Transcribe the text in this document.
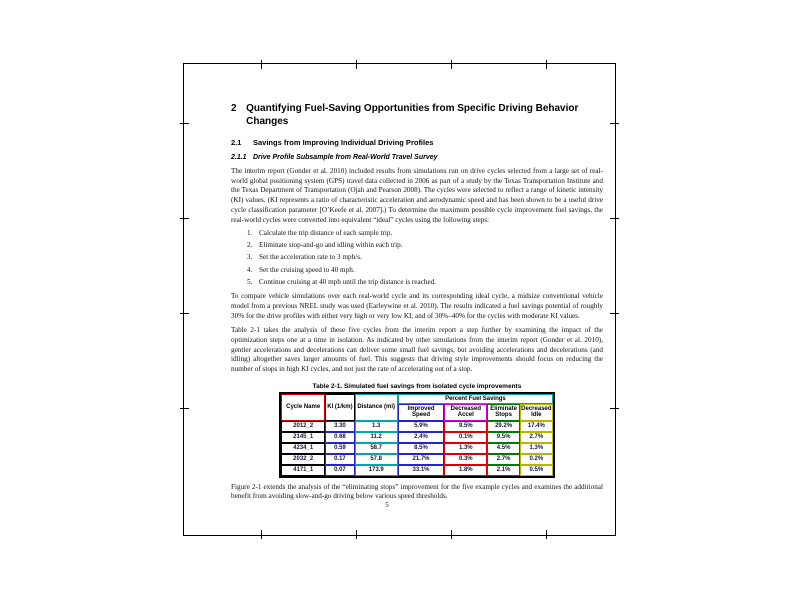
2 Quantifying Fuel-Saving Opportunities from Specific Driving Behavior Changes
2.1	Savings from Improving Individual Driving Profiles
2.1.1 Drive Profile Subsample from Real-World Travel Survey

The interim report (Gonder et al. 2010) included results from simulations run on drive cycles selected from a large set of real-world global positioning system (GPS) travel data collected in 2006 as part of a study by the Texas Transportation Institute and the Texas Department of Transportation (Ojah and Pearson 2008). The cycles were selected to reflect a range of kinetic intensity (KI) values. (KI represents a ratio of characteristic acceleration and aerodynamic speed and has been shown to be a useful drive cycle classification parameter [O’Keefe et al. 2007].) To determine the maximum possible cycle improvement fuel savings, the real-world cycles were converted into equivalent “ideal” cycles using the following steps:

1. Calculate the trip distance of each sample trip.
2. Eliminate stop-and-go and idling within each trip.
3. Set the acceleration rate to 3 mph/s.
4. Set the cruising speed to 40 mph.
5. Continue cruising at 40 mph until the trip distance is reached.

To compare vehicle simulations over each real-world cycle and its corresponding ideal cycle, a midsize conventional vehicle model from a previous NREL study was used (Earleywine et al. 2010). The results indicated a fuel savings potential of roughly 30% for the drive profiles with either very high or very low KI, and of 30%–40% for the cycles with moderate KI values.

Table 2-1 takes the analysis of these five cycles from the interim report a step further by examining the impact of the optimization steps one at a time in isolation. As indicated by other simulations from the interim report (Gonder et al. 2010), gentler accelerations and decelerations can deliver some small fuel savings, but avoiding accelerations and decelerations (and idling) altogether saves larger amounts of fuel. This suggests that driving style improvements should focus on reducing the number of stops in high KI cycles, and not just the rate of accelerating out of a stop.

Table 2-1. Simulated fuel savings from isolated cycle improvements
Cycle Name	KI (1/km)	Distance (mi)	Percent Fuel Savings			
			Improved Speed	Decreased Accel	Eliminate Stops	Decreased Idle
2012_2	3.30	1.3	5.9%	9.5%	29.2%	17.4%
2145_1	0.68	11.2	2.4%	0.1%	9.5%	2.7%
4234_1	0.59	58.7	8.5%	1.3%	4.5%	1.3%
2032_2	0.17	57.8	21.7%	0.3%	2.7%	0.2%
4171_1	0.07	173.9	33.1%	1.8%	2.1%	0.5%

Figure 2-1 extends the analysis of the “eliminating stops” improvement for the five example cycles and examines the additional benefit from avoiding slow-and-go driving below various speed thresholds.

5
